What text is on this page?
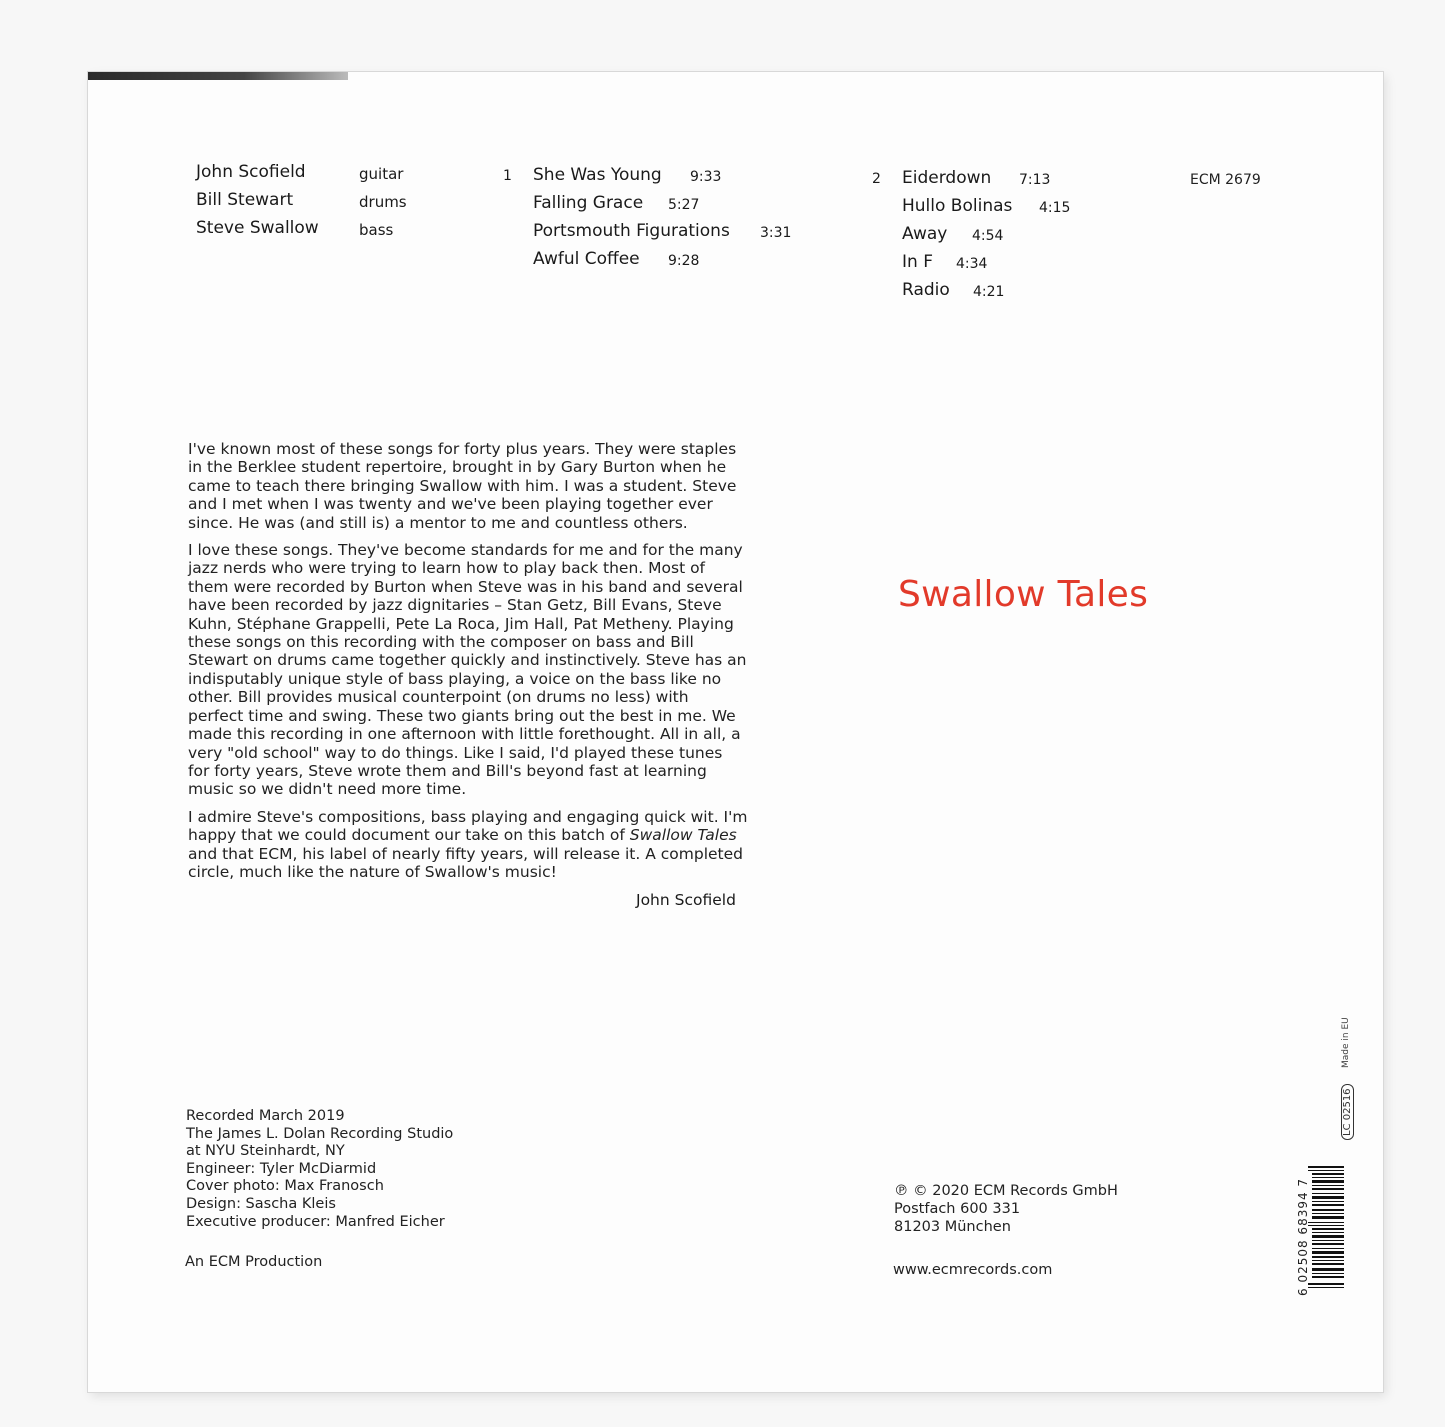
John Scofield	guitar
Bill Stewart	drums
Steve Swallow	bass
1 She Was Young 9:33
Falling Grace 5:27
Portsmouth Figurations 3:31
Awful Coffee 9:28
2 Eiderdown 7:13
Hullo Bolinas 4:15
Away 4:54
In F 4:34
Radio 4:21
ECM 2679

I've known most of these songs for forty plus years. They were staples in the Berklee student repertoire, brought in by Gary Burton when he came to teach there bringing Swallow with him. I was a student. Steve and I met when I was twenty and we've been playing together ever since. He was (and still is) a mentor to me and countless others.

I love these songs. They've become standards for me and for the many jazz nerds who were trying to learn how to play back then. Most of them were recorded by Burton when Steve was in his band and several have been recorded by jazz dignitaries – Stan Getz, Bill Evans, Steve Kuhn, Stéphane Grappelli, Pete La Roca, Jim Hall, Pat Metheny. Playing these songs on this recording with the composer on bass and Bill Stewart on drums came together quickly and instinctively. Steve has an indisputably unique style of bass playing, a voice on the bass like no other. Bill provides musical counterpoint (on drums no less) with perfect time and swing. These two giants bring out the best in me. We made this recording in one afternoon with little forethought. All in all, a very "old school" way to do things. Like I said, I'd played these tunes for forty years, Steve wrote them and Bill's beyond fast at learning music so we didn't need more time.

I admire Steve's compositions, bass playing and engaging quick wit. I'm happy that we could document our take on this batch of Swallow Tales and that ECM, his label of nearly fifty years, will release it. A completed circle, much like the nature of Swallow's music!

John Scofield
Swallow Tales
Recorded March 2019
The James L. Dolan Recording Studio
at NYU Steinhardt, NY
Engineer: Tyler McDiarmid
Cover photo: Max Franosch
Design: Sascha Kleis
Executive producer: Manfred Eicher
An ECM Production
℗ © 2020 ECM Records GmbH
Postfach 600 331
81203 München
www.ecmrecords.com
Made in EU
LC 02516
6 02508 68394 7
